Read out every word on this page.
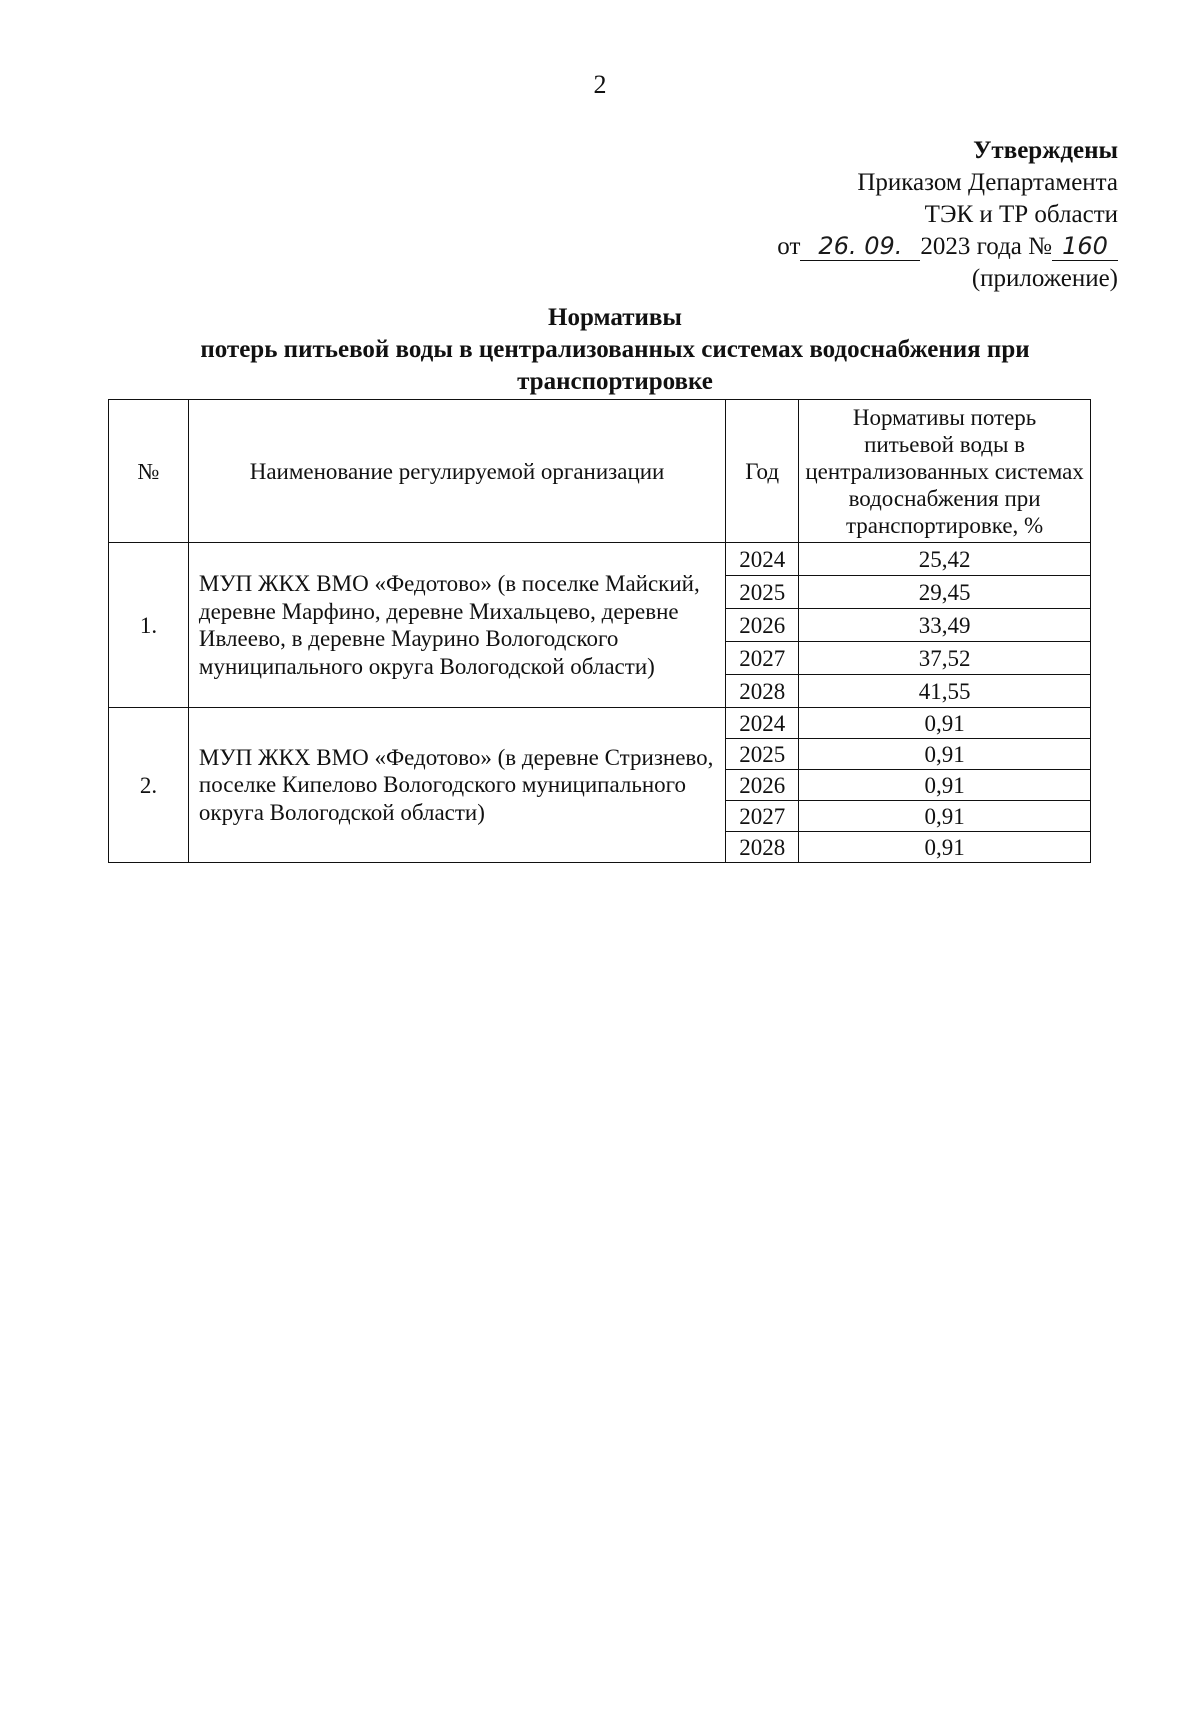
2
Утверждены
Приказом Департамента
ТЭК и ТР области
от 26. 09. 2023 года № 160
(приложение)
Нормативы
потерь питьевой воды в централизованных системах водоснабжения при транспортировке
№	Наименование регулируемой организации	Год	Нормативы потерь питьевой воды в централизованных системах водоснабжения при транспортировке, %
1.	МУП ЖКХ ВМО «Федотово» (в поселке Майский, деревне Марфино, деревне Михальцево, деревне Ивлеево, в деревне Маурино Вологодского муниципального округа Вологодской области)	2024	25,42
		2025	29,45
		2026	33,49
		2027	37,52
		2028	41,55
2.	МУП ЖКХ ВМО «Федотово» (в деревне Стризнево, поселке Кипелово Вологодского муниципального округа Вологодской области)	2024	0,91
		2025	0,91
		2026	0,91
		2027	0,91
		2028	0,91
